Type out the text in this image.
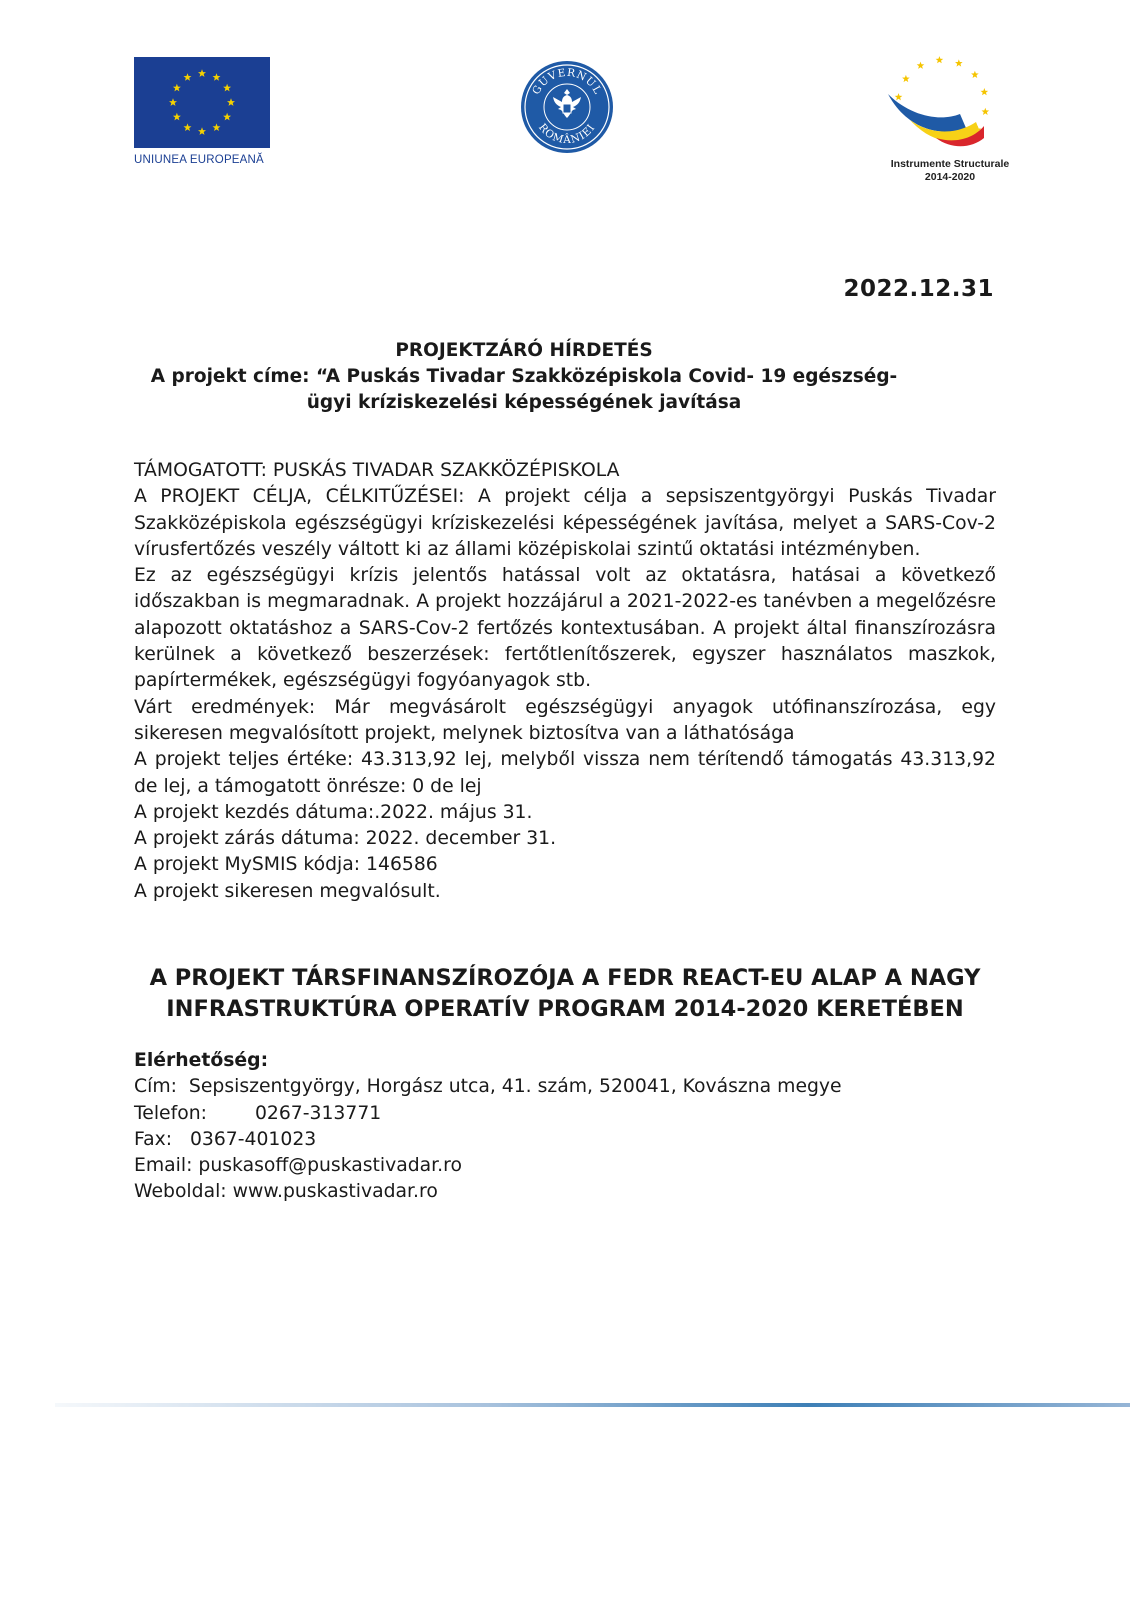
UNIUNEA EUROPEANĂ
GUVERNUL
ROMÂNIEI
Instrumente Structurale
2014-2020
2022.12.31
PROJEKTZÁRÓ HÍRDETÉS
A projekt címe: “A Puskás Tivadar Szakközépiskola Covid- 19 egészség-
ügyi kríziskezelési képességének javítása

TÁMOGATOTT: PUSKÁS TIVADAR SZAKKÖZÉPISKOLA

A PROJEKT CÉLJA, CÉLKITŰZÉSEI: A projekt célja a sepsiszentgyörgyi Puskás Tivadar Szakközépiskola egészségügyi kríziskezelési képességének javítása, melyet a SARS-Cov-2 vírusfertőzés veszély váltott ki az állami középiskolai szintű oktatási intézményben.

Ez az egészségügyi krízis jelentős hatással volt az oktatásra, hatásai a következő időszakban is megmaradnak. A projekt hozzájárul a 2021-2022-es tanévben a megelőzésre alapozott oktatáshoz a SARS-Cov-2 fertőzés kontextusában. A projekt által finanszírozásra kerülnek a következő beszerzések: fertőtlenítőszerek, egyszer használatos maszkok, papírtermékek, egészségügyi fogyóanyagok stb.

Várt eredmények: Már megvásárolt egészségügyi anyagok utófinanszírozása, egy sikeresen megvalósított projekt, melynek biztosítva van a láthatósága

A projekt teljes értéke: 43.313,92 lej, melyből vissza nem térítendő támogatás 43.313,92 de lej, a támogatott önrésze: 0 de lej

A projekt kezdés dátuma:.2022. május 31.

A projekt zárás dátuma: 2022. december 31.

A projekt MySMIS kódja: 146586

A projekt sikeresen megvalósult.

A PROJEKT TÁRSFINANSZÍROZÓJA A FEDR REACT-EU ALAP A NAGY
INFRASTRUKTÚRA OPERATÍV PROGRAM 2014-2020 KERETÉBEN
Elérhetőség:
Cím: Sepsiszentgyörgy, Horgász utca, 41. szám, 520041, Kovászna megye
Telefon:	0267-313771
Fax: 0367-401023
Email: puskasoff@puskastivadar.ro
Weboldal: www.puskastivadar.ro
